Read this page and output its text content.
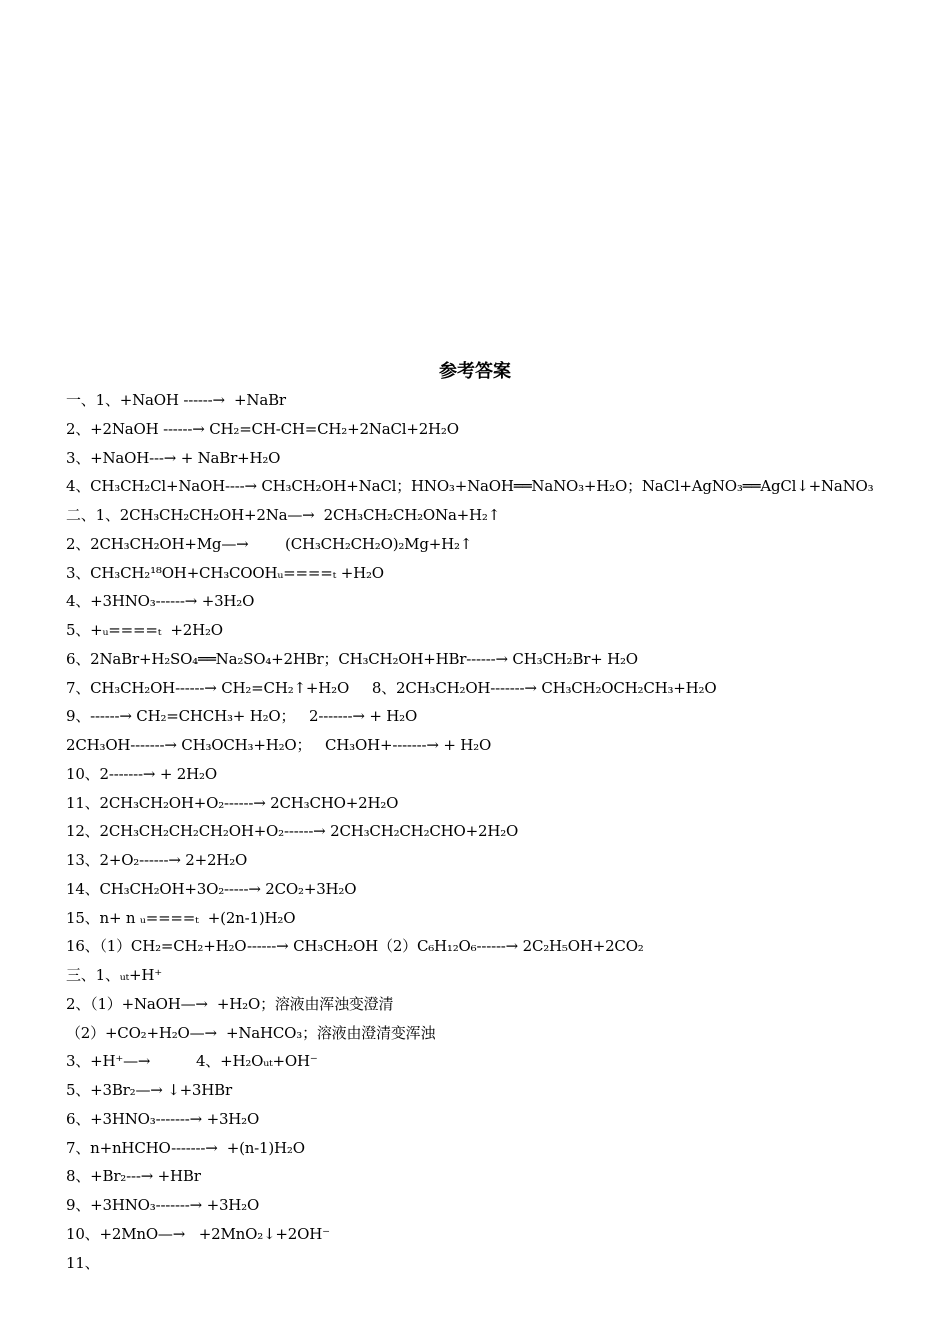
参考答案
一、1、+NaOH ------→  +NaBr
2、+2NaOH ------→ CH₂=CH-CH=CH₂+2NaCl+2H₂O
3、+NaOH---→ + NaBr+H₂O
4、CH₃CH₂Cl+NaOH----→ CH₃CH₂OH+NaCl；HNO₃+NaOH══NaNO₃+H₂O；NaCl+AgNO₃══AgCl↓+NaNO₃
二、1、2CH₃CH₂CH₂OH+2Na—→  2CH₃CH₂CH₂ONa+H₂↑
2、2CH₃CH₂OH+Mg—→        (CH₃CH₂CH₂O)₂Mg+H₂↑
3、CH₃CH₂¹⁸OH+CH₃COOHᵤ====ₜ +H₂O
4、+3HNO₃------→ +3H₂O
5、+ᵤ====ₜ  +2H₂O
6、2NaBr+H₂SO₄══Na₂SO₄+2HBr；CH₃CH₂OH+HBr------→ CH₃CH₂Br+ H₂O
7、CH₃CH₂OH------→ CH₂=CH₂↑+H₂O     8、2CH₃CH₂OH-------→ CH₃CH₂OCH₂CH₃+H₂O
9、------→ CH₂=CHCH₃+ H₂O；   2-------→ + H₂O
2CH₃OH-------→ CH₃OCH₃+H₂O；   CH₃OH+-------→ + H₂O
10、2-------→ + 2H₂O
11、2CH₃CH₂OH+O₂------→ 2CH₃CHO+2H₂O
12、2CH₃CH₂CH₂CH₂OH+O₂------→ 2CH₃CH₂CH₂CHO+2H₂O
13、2+O₂------→ 2+2H₂O
14、CH₃CH₂OH+3O₂-----→ 2CO₂+3H₂O
15、n+ n ᵤ====ₜ  +(2n-1)H₂O
16、（1）CH₂=CH₂+H₂O------→ CH₃CH₂OH（2）C₆H₁₂O₆------→ 2C₂H₅OH+2CO₂
三、1、ᵤₜ+H⁺
2、（1）+NaOH—→  +H₂O；溶液由浑浊变澄清
（2）+CO₂+H₂O—→  +NaHCO₃；溶液由澄清变浑浊
3、+H⁺—→          4、+H₂Oᵤₜ+OH⁻
5、+3Br₂—→ ↓+3HBr
6、+3HNO₃-------→ +3H₂O
7、n+nHCHO-------→  +(n-1)H₂O
8、+Br₂---→ +HBr
9、+3HNO₃-------→ +3H₂O
10、+2MnO—→   +2MnO₂↓+2OH⁻
11、
